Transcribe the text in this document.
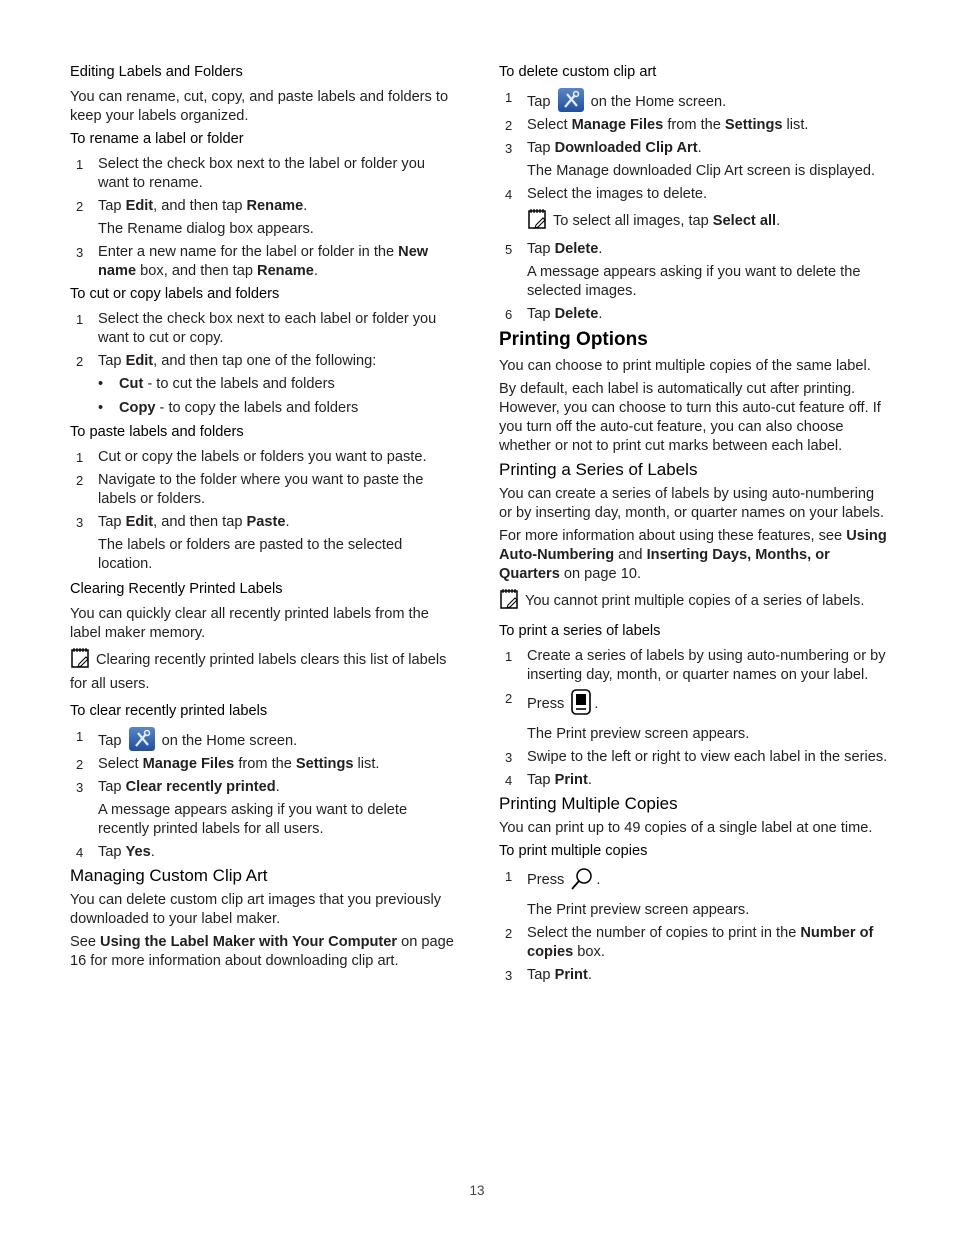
Editing Labels and Folders

You can rename, cut, copy, and paste labels and folders to keep your labels organized.

To rename a label or folder
1 Select the check box next to the label or folder you want to rename.
2 Tap Edit, and then tap Rename.
The Rename dialog box appears.
3 Enter a new name for the label or folder in the New name box, and then tap Rename.
To cut or copy labels and folders
1 Select the check box next to each label or folder you want to cut or copy.
2 Tap Edit, and then tap one of the following:
• Cut - to cut the labels and folders
• Copy - to copy the labels and folders
To paste labels and folders
1 Cut or copy the labels or folders you want to paste.
2 Navigate to the folder where you want to paste the labels or folders.
3 Tap Edit, and then tap Paste.
The labels or folders are pasted to the selected location.
Clearing Recently Printed Labels

You can quickly clear all recently printed labels from the label maker memory.

Clearing recently printed labels clears this list of labels for all users.
To clear recently printed labels
1 Tap	on the Home screen.
2 Select Manage Files from the Settings list.
3 Tap Clear recently printed.
A message appears asking if you want to delete recently printed labels for all users.
4 Tap Yes.
Managing Custom Clip Art

You can delete custom clip art images that you previously downloaded to your label maker.

See Using the Label Maker with Your Computer on page 16 for more information about downloading clip art.

To delete custom clip art
1 Tap	on the Home screen.
2 Select Manage Files from the Settings list.
3 Tap Downloaded Clip Art.
The Manage downloaded Clip Art screen is displayed.
4 Select the images to delete.
To select all images, tap Select all.
5 Tap Delete.
A message appears asking if you want to delete the selected images.
6 Tap Delete.
Printing Options

You can choose to print multiple copies of the same label.

By default, each label is automatically cut after printing. However, you can choose to turn this auto-cut feature off. If you turn off the auto-cut feature, you can also choose whether or not to print cut marks between each label.

Printing a Series of Labels

You can create a series of labels by using auto-numbering or by inserting day, month, or quarter names on your labels.

For more information about using these features, see Using Auto-Numbering and Inserting Days, Months, or Quarters on page 10.

You cannot print multiple copies of a series of labels.
To print a series of labels
1 Create a series of labels by using auto-numbering or by inserting day, month, or quarter names on your label.
2 Press .
The Print preview screen appears.
3 Swipe to the left or right to view each label in the series.
4 Tap Print.
Printing Multiple Copies

You can print up to 49 copies of a single label at one time.

To print multiple copies
1 Press .
The Print preview screen appears.
2 Select the number of copies to print in the Number of copies box.
3 Tap Print.
13
